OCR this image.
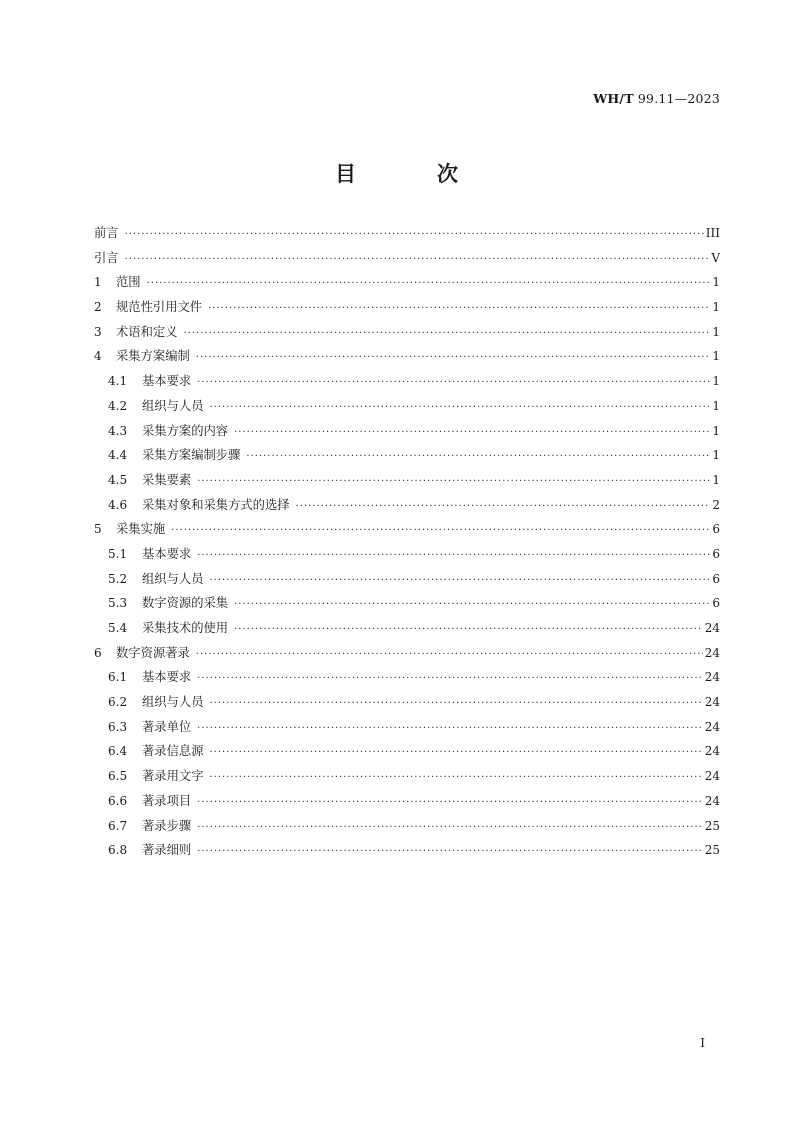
WH/T 99.11—2023
目　次
前言 ·····	III
引言 ·····	V
1	范围 ·····	1
2	规范性引用文件 ·····	1
3	术语和定义 ·····	1
4	采集方案编制 ·····	1
4.1	基本要求 ·····	1
4.2	组织与人员 ·····	1
4.3	采集方案的内容 ·····	1
4.4	采集方案编制步骤 ·····	1
4.5	采集要素 ·····	1
4.6	采集对象和采集方式的选择 ·····	2
5	采集实施 ·····	6
5.1	基本要求 ·····	6
5.2	组织与人员 ·····	6
5.3	数字资源的采集 ·····	6
5.4	采集技术的使用 ·····	24
6	数字资源著录 ·····	24
6.1	基本要求 ·····	24
6.2	组织与人员 ·····	24
6.3	著录单位 ·····	24
6.4	著录信息源 ·····	24
6.5	著录用文字 ·····	24
6.6	著录项目 ·····	24
6.7	著录步骤 ·····	25
6.8	著录细则 ·····	25
I
